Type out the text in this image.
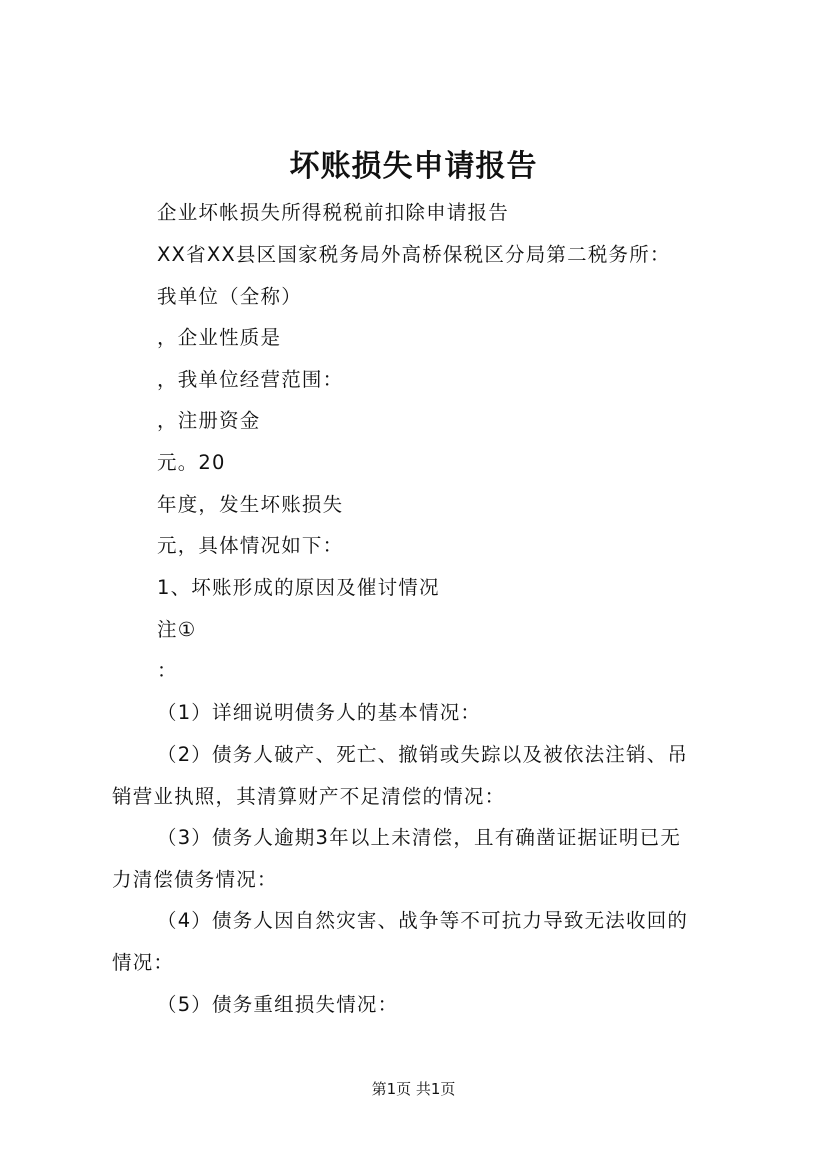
坏账损失申请报告
企业坏帐损失所得税税前扣除申请报告
XX省XX县区国家税务局外高桥保税区分局第二税务所：
我单位（全称）
，企业性质是
，我单位经营范围：
，注册资金
元。20
年度，发生坏账损失
元，具体情况如下：
1、坏账形成的原因及催讨情况
注①
：
（1）详细说明债务人的基本情况：
（2）债务人破产、死亡、撤销或失踪以及被依法注销、吊
销营业执照，其清算财产不足清偿的情况：
（3）债务人逾期3年以上未清偿，且有确凿证据证明已无
力清偿债务情况：
（4）债务人因自然灾害、战争等不可抗力导致无法收回的
情况：
（5）债务重组损失情况：
第1页 共1页
